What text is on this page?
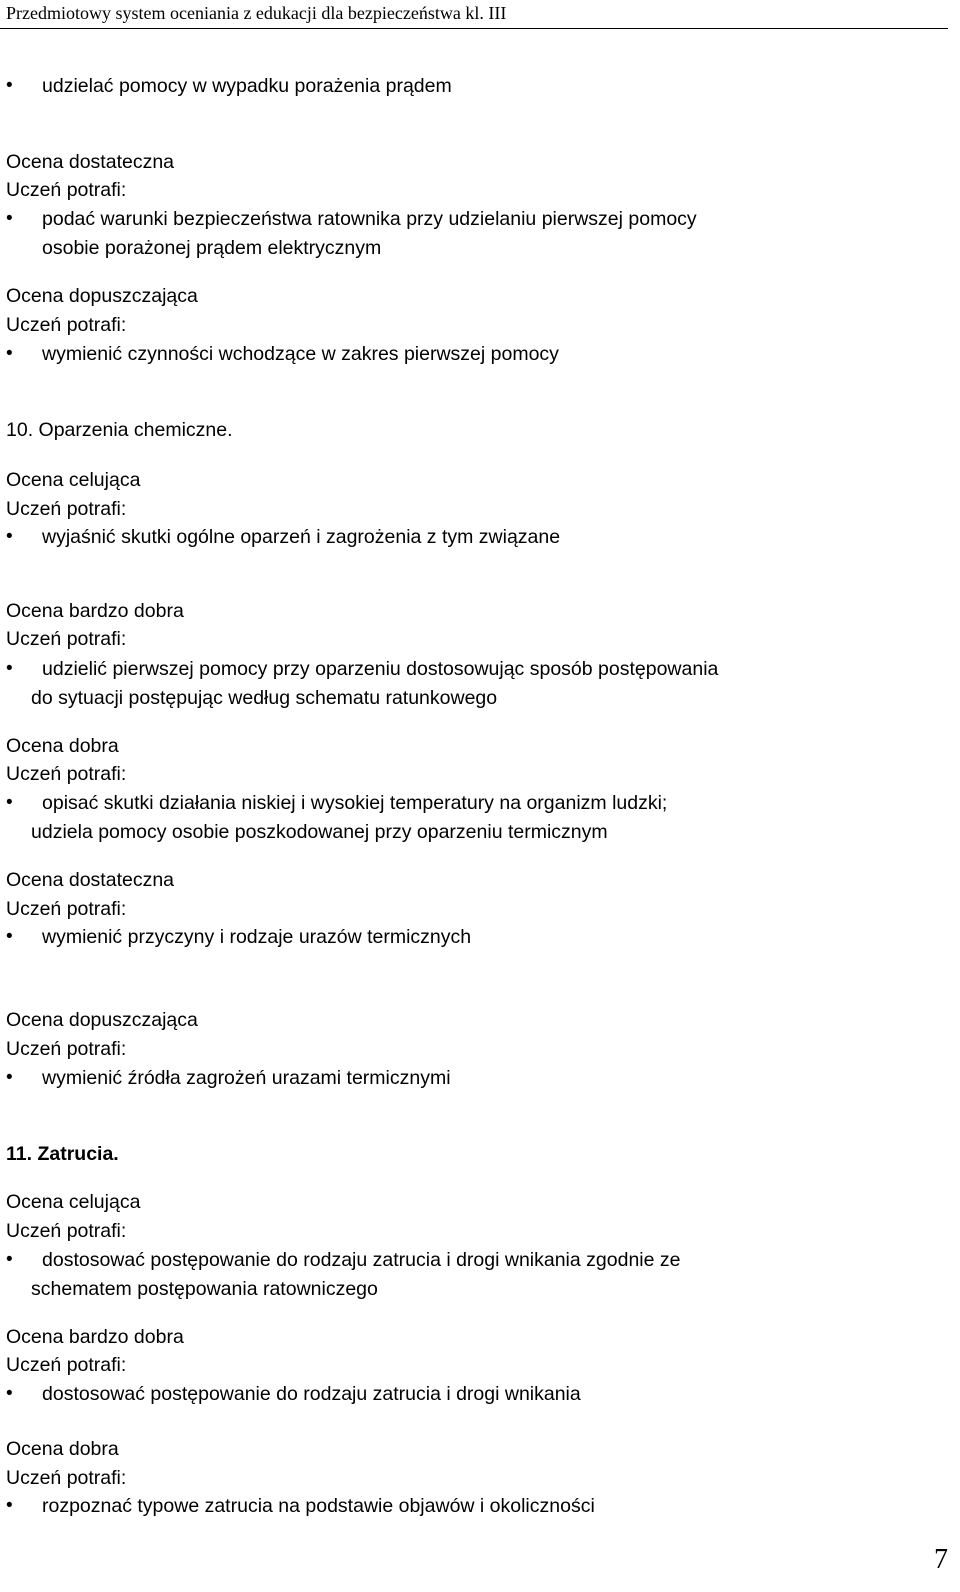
Przedmiotowy system oceniania z edukacji dla bezpieczeństwa kl. III
• udzielać pomocy w wypadku porażenia prądem
Ocena dostateczna
Uczeń potrafi:
• podać warunki bezpieczeństwa ratownika przy udzielaniu pierwszej pomocy
osobie porażonej prądem elektrycznym
Ocena dopuszczająca
Uczeń potrafi:
• wymienić czynności wchodzące w zakres pierwszej pomocy
10. Oparzenia chemiczne.
Ocena celująca
Uczeń potrafi:
• wyjaśnić skutki ogólne oparzeń i zagrożenia z tym związane
Ocena bardzo dobra
Uczeń potrafi:
• udzielić pierwszej pomocy przy oparzeniu dostosowując sposób postępowania
do sytuacji postępując według schematu ratunkowego
Ocena dobra
Uczeń potrafi:
• opisać skutki działania niskiej i wysokiej temperatury na organizm ludzki;
udziela pomocy osobie poszkodowanej przy oparzeniu termicznym
Ocena dostateczna
Uczeń potrafi:
• wymienić przyczyny i rodzaje urazów termicznych
Ocena dopuszczająca
Uczeń potrafi:
• wymienić źródła zagrożeń urazami termicznymi
11. Zatrucia.
Ocena celująca
Uczeń potrafi:
• dostosować postępowanie do rodzaju zatrucia i drogi wnikania zgodnie ze
schematem postępowania ratowniczego
Ocena bardzo dobra
Uczeń potrafi:
• dostosować postępowanie do rodzaju zatrucia i drogi wnikania
Ocena dobra
Uczeń potrafi:
• rozpoznać typowe zatrucia na podstawie objawów i okoliczności
7
